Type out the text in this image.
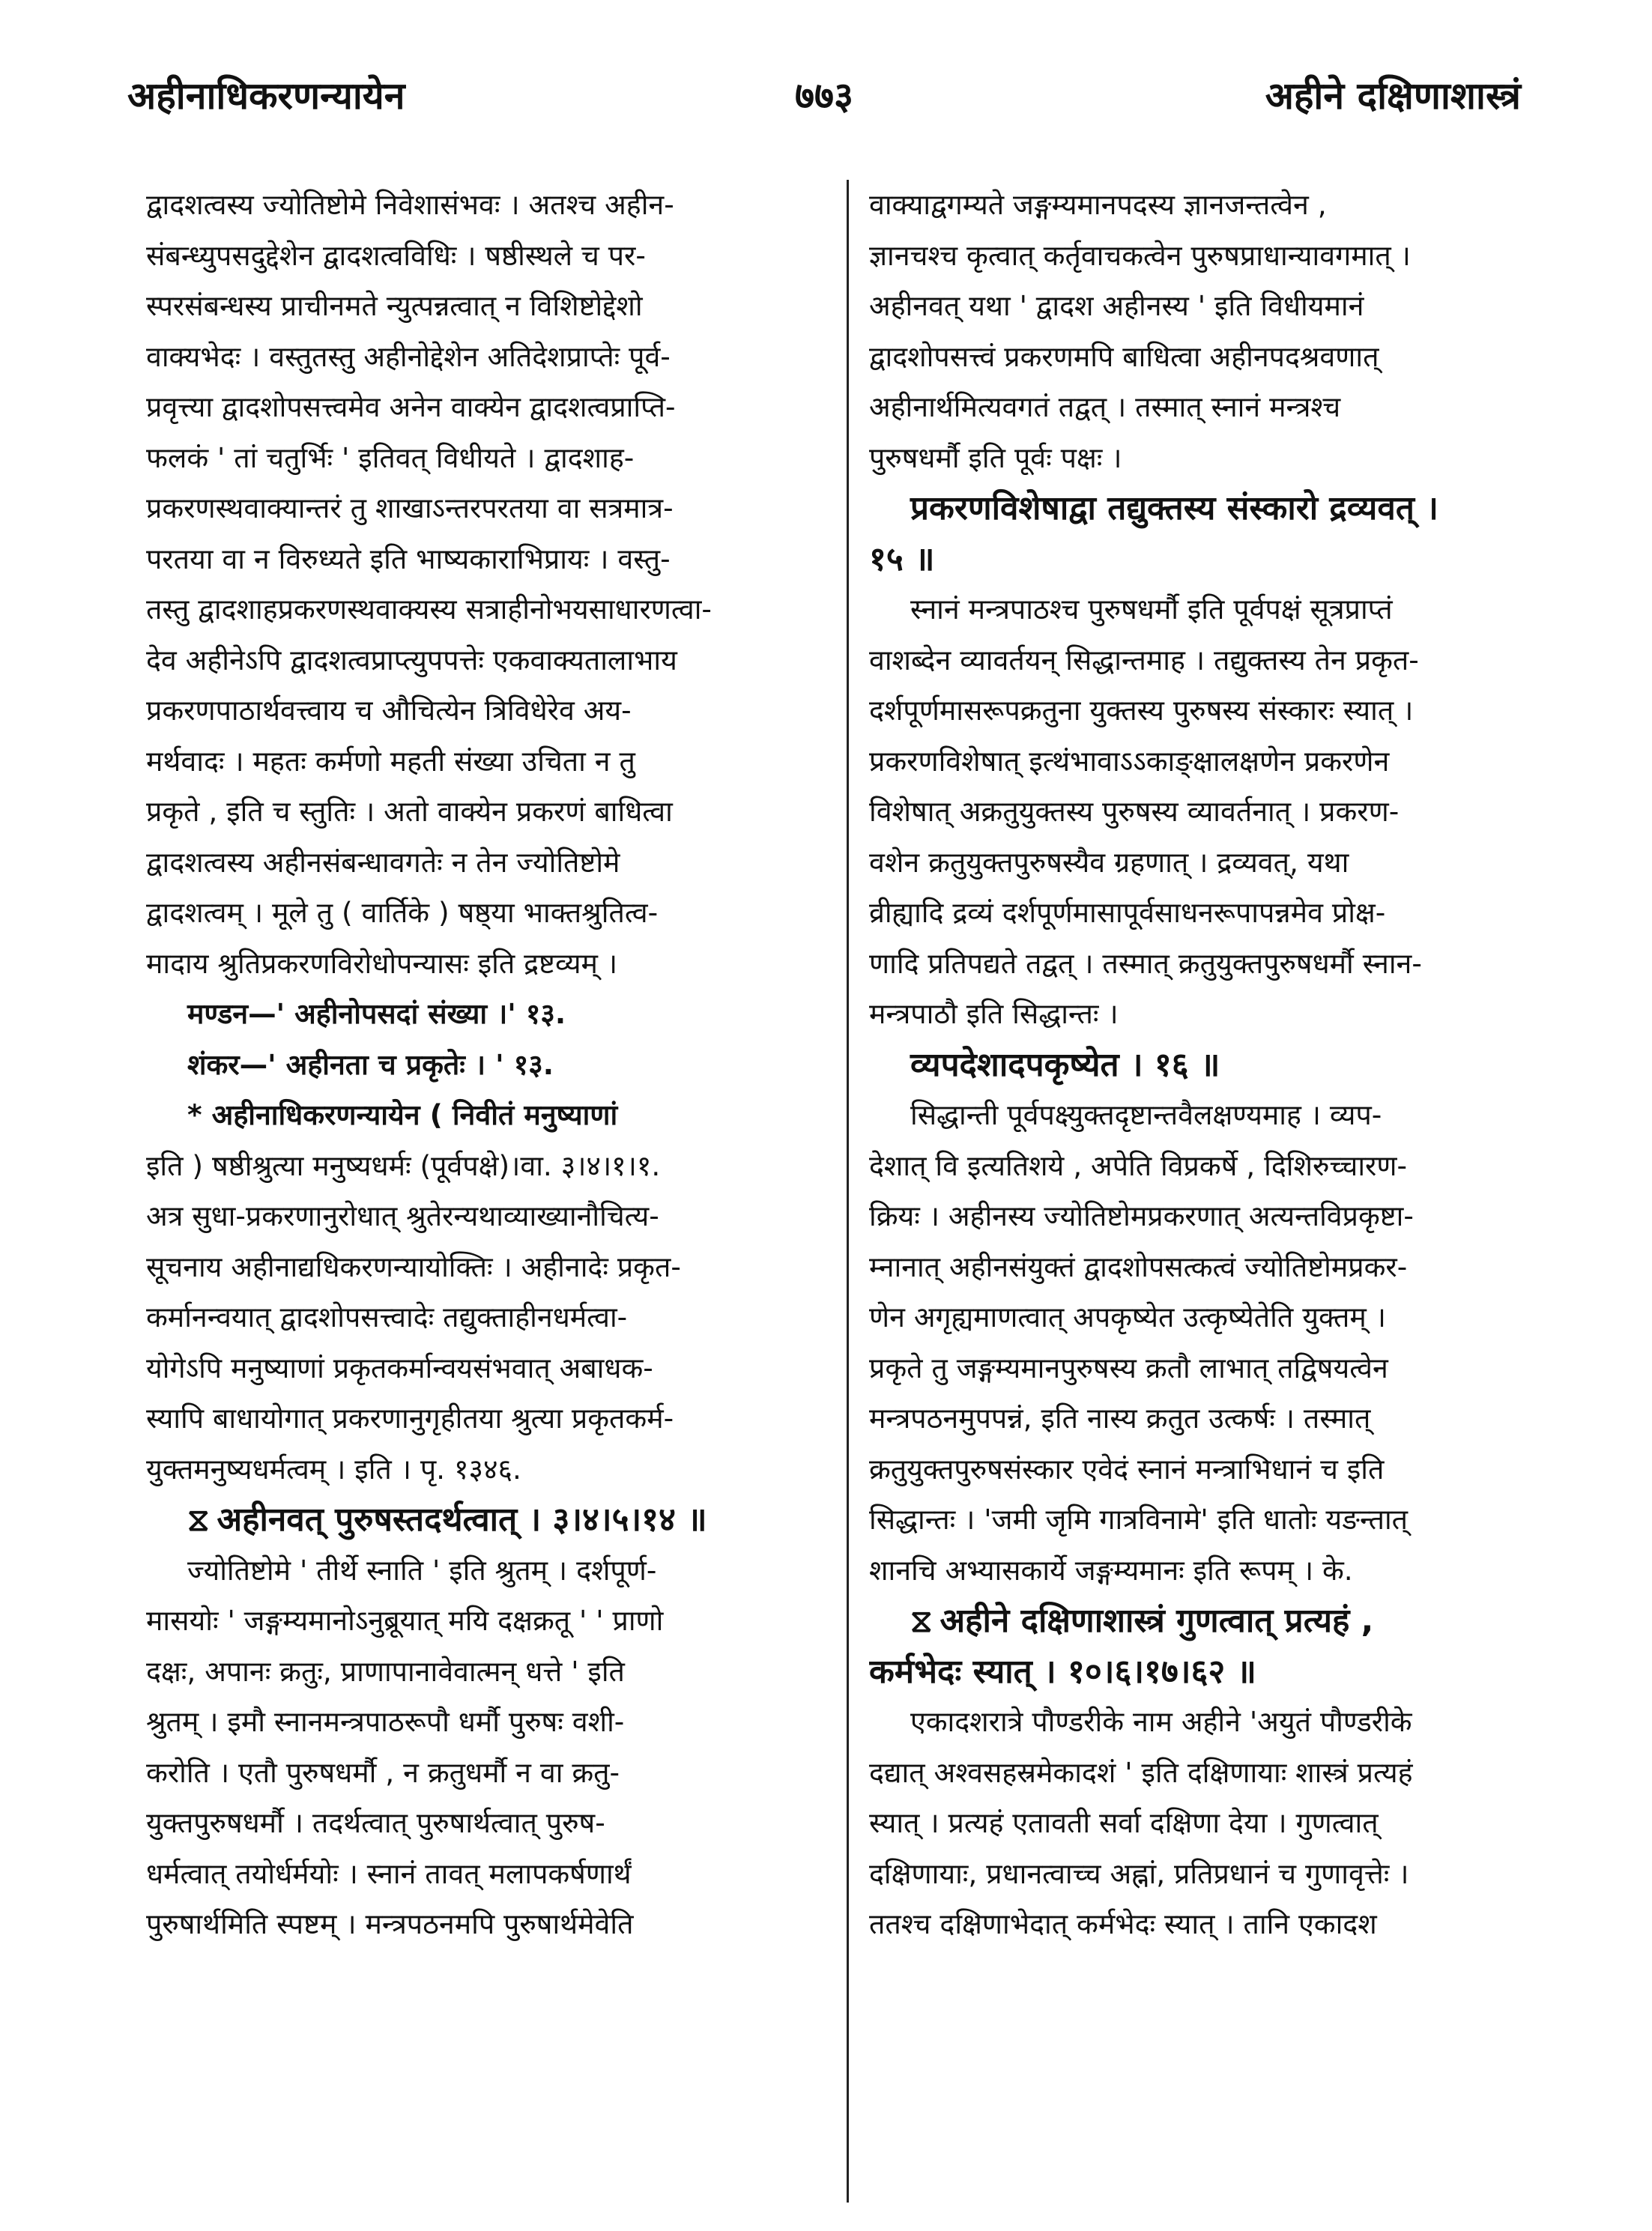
अहीनाधिकरणन्यायेन	७७३	अहीने दक्षिणाशास्त्रं

द्वादशत्वस्य ज्योतिष्टोमे निवेशासंभवः । अतश्च अहीन-

संबन्ध्युपसदुद्देशेन द्वादशत्वविधिः । षष्ठीस्थले च पर-

स्परसंबन्धस्य प्राचीनमते न्युत्पन्नत्वात् न विशिष्टोद्देशो

वाक्यभेदः । वस्तुतस्तु अहीनोद्देशेन अतिदेशप्राप्तेः पूर्व-

प्रवृत्त्या द्वादशोपसत्त्वमेव अनेन वाक्येन द्वादशत्वप्राप्ति-

फलकं ' तां चतुर्भिः ' इतिवत् विधीयते । द्वादशाह-

प्रकरणस्थवाक्यान्तरं तु शाखाऽन्तरपरतया वा सत्रमात्र-

परतया वा न विरुध्यते इति भाष्यकाराभिप्रायः । वस्तु-

तस्तु द्वादशाहप्रकरणस्थवाक्यस्य सत्राहीनोभयसाधारणत्वा-

देव अहीनेऽपि द्वादशत्वप्राप्त्युपपत्तेः एकवाक्यतालाभाय

प्रकरणपाठार्थवत्त्वाय च औचित्येन त्रिविधेरेव अय-

मर्थवादः । महतः कर्मणो महती संख्या उचिता न तु

प्रकृते , इति च स्तुतिः । अतो वाक्येन प्रकरणं बाधित्वा

द्वादशत्वस्य अहीनसंबन्धावगतेः न तेन ज्योतिष्टोमे

द्वादशत्वम् । मूले तु ( वार्तिके ) षष्ठ्या भाक्तश्रुतित्व-

मादाय श्रुतिप्रकरणविरोधोपन्यासः इति द्रष्टव्यम् ।

मण्डन—' अहीनोपसदां संख्या ।' १३.

शंकर—' अहीनता च प्रकृतेः । ' १३.

* अहीनाधिकरणन्यायेन ( निवीतं मनुष्याणां

इति ) षष्ठीश्रुत्या मनुष्यधर्मः (पूर्वपक्षे)।वा. ३।४।१।१.

अत्र सुधा-प्रकरणानुरोधात् श्रुतेरन्यथाव्याख्यानौचित्य-

सूचनाय अहीनाद्यधिकरणन्यायोक्तिः । अहीनादेः प्रकृत-

कर्मानन्वयात् द्वादशोपसत्त्वादेः तद्युक्ताहीनधर्मत्वा-

योगेऽपि मनुष्याणां प्रकृतकर्मान्वयसंभवात् अबाधक-

स्यापि बाधायोगात् प्रकरणानुगृहीतया श्रुत्या प्रकृतकर्म-

युक्तमनुष्यधर्मत्वम् । इति । पृ. १३४६.

⧖ अहीनवत् पुरुषस्तदर्थत्वात् । ३।४।५।१४ ॥

ज्योतिष्टोमे ' तीर्थे स्नाति ' इति श्रुतम् । दर्शपूर्ण-

मासयोः ' जङ्गम्यमानोऽनुब्रूयात् मयि दक्षक्रतू ' ' प्राणो

दक्षः, अपानः क्रतुः, प्राणापानावेवात्मन् धत्ते ' इति

श्रुतम् । इमौ स्नानमन्त्रपाठरूपौ धर्मौ पुरुषः वशी-

करोति । एतौ पुरुषधर्मौ , न क्रतुधर्मौ न वा क्रतु-

युक्तपुरुषधर्मौ । तदर्थत्वात् पुरुषार्थत्वात् पुरुष-

धर्मत्वात् तयोर्धर्मयोः । स्नानं तावत् मलापकर्षणार्थं

पुरुषार्थमिति स्पष्टम् । मन्त्रपठनमपि पुरुषार्थमेवेति

वाक्याद्वगम्यते जङ्गम्यमानपदस्य ज्ञानजन्तत्वेन ,

ज्ञानचश्च कृत्वात् कर्तृवाचकत्वेन पुरुषप्राधान्यावगमात् ।

अहीनवत् यथा ' द्वादश अहीनस्य ' इति विधीयमानं

द्वादशोपसत्त्वं प्रकरणमपि बाधित्वा अहीनपदश्रवणात्

अहीनार्थमित्यवगतं तद्वत् । तस्मात् स्नानं मन्त्रश्च

पुरुषधर्मौ इति पूर्वः पक्षः ।

प्रकरणविशेषाद्वा तद्युक्तस्य संस्कारो द्रव्यवत् ।

१५ ॥

स्नानं मन्त्रपाठश्च पुरुषधर्मौ इति पूर्वपक्षं सूत्रप्राप्तं

वाशब्देन व्यावर्तयन् सिद्धान्तमाह । तद्युक्तस्य तेन प्रकृत-

दर्शपूर्णमासरूपक्रतुना युक्तस्य पुरुषस्य संस्कारः स्यात् ।

प्रकरणविशेषात् इत्थंभावाऽऽकाङ्क्षालक्षणेन प्रकरणेन

विशेषात् अक्रतुयुक्तस्य पुरुषस्य व्यावर्तनात् । प्रकरण-

वशेन क्रतुयुक्तपुरुषस्यैव ग्रहणात् । द्रव्यवत्, यथा

व्रीह्यादि द्रव्यं दर्शपूर्णमासापूर्वसाधनरूपापन्नमेव प्रोक्ष-

णादि प्रतिपद्यते तद्वत् । तस्मात् क्रतुयुक्तपुरुषधर्मौ स्नान-

मन्त्रपाठौ इति सिद्धान्तः ।

व्यपदेशादपकृष्येत । १६ ॥

सिद्धान्ती पूर्वपक्ष्युक्तदृष्टान्तवैलक्षण्यमाह । व्यप-

देशात् वि इत्यतिशये , अपेति विप्रकर्षे , दिशिरुच्चारण-

क्रियः । अहीनस्य ज्योतिष्टोमप्रकरणात् अत्यन्तविप्रकृष्टा-

म्नानात् अहीनसंयुक्तं द्वादशोपसत्कत्वं ज्योतिष्टोमप्रकर-

णेन अगृह्यमाणत्वात् अपकृष्येत उत्कृष्येतेति युक्तम् ।

प्रकृते तु जङ्गम्यमानपुरुषस्य क्रतौ लाभात् तद्विषयत्वेन

मन्त्रपठनमुपपन्नं, इति नास्य क्रतुत उत्कर्षः । तस्मात्

क्रतुयुक्तपुरुषसंस्कार एवेदं स्नानं मन्त्राभिधानं च इति

सिद्धान्तः । 'जमी जृमि गात्रविनामे' इति धातोः यङन्तात्

शानचि अभ्यासकार्ये जङ्गम्यमानः इति रूपम् । के.

⧖ अहीने दक्षिणाशास्त्रं गुणत्वात् प्रत्यहं ,

कर्मभेदः स्यात् । १०।६।१७।६२ ॥

एकादशरात्रे पौण्डरीके नाम अहीने 'अयुतं पौण्डरीके

दद्यात् अश्वसहस्रमेकादशं ' इति दक्षिणायाः शास्त्रं प्रत्यहं

स्यात् । प्रत्यहं एतावती सर्वा दक्षिणा देया । गुणत्वात्

दक्षिणायाः, प्रधानत्वाच्च अह्नां, प्रतिप्रधानं च गुणावृत्तेः ।

ततश्च दक्षिणाभेदात् कर्मभेदः स्यात् । तानि एकादश
